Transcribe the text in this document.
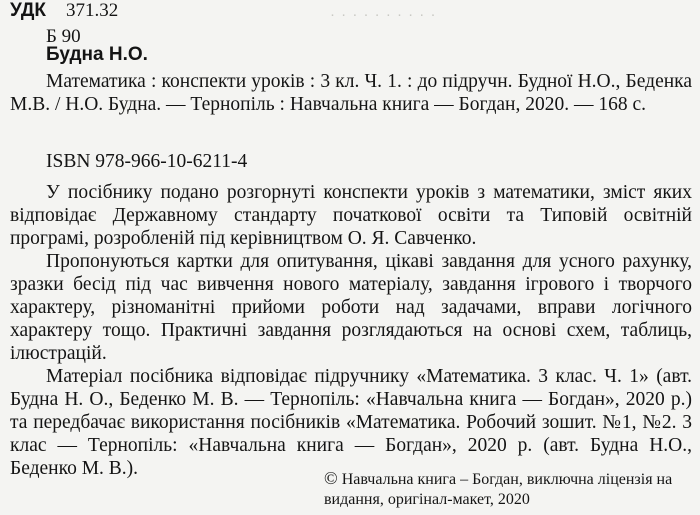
· · · · · · · · · ·
УДК 371.32
Б 90
Будна Н.О.
Математика : конспекти уроків : 3 кл. Ч. 1. : до підручн. Будної Н.О., Беденка М.В. / Н.О. Будна. — Тернопіль : Навчальна книга — Богдан, 2020. — 168 с.
ISBN 978-966-10-6211-4

У посібнику подано розгорнуті конспекти уроків з математики, зміст яких відповідає Державному стандарту початкової освіти та Типовій освітній програмі, розробленій під керівництвом О. Я. Савченко.

Пропонуються картки для опитування, цікаві завдання для усного рахунку, зразки бесід під час вивчення нового матеріалу, завдання ігрового і творчого характеру, різноманітні прийоми роботи над задачами, вправи логічного характеру тощо. Практичні завдання розглядаються на основі схем, таблиць, ілюстрацій.

Матеріал посібника відповідає підручнику «Математика. 3 клас. Ч. 1» (авт. Будна Н. О., Беденко М. В. — Тернопіль: «Навчальна книга — Богдан», 2020 р.) та передбачає використання посібників «Математика. Робочий зошит. №1, №2. 3 клас — Тернопіль: «Навчальна книга — Богдан», 2020 р. (авт. Будна Н.О., Беденко М. В.).	© Навчальна книга – Богдан, виключна ліцензія на видання, оригінал-макет, 2020
